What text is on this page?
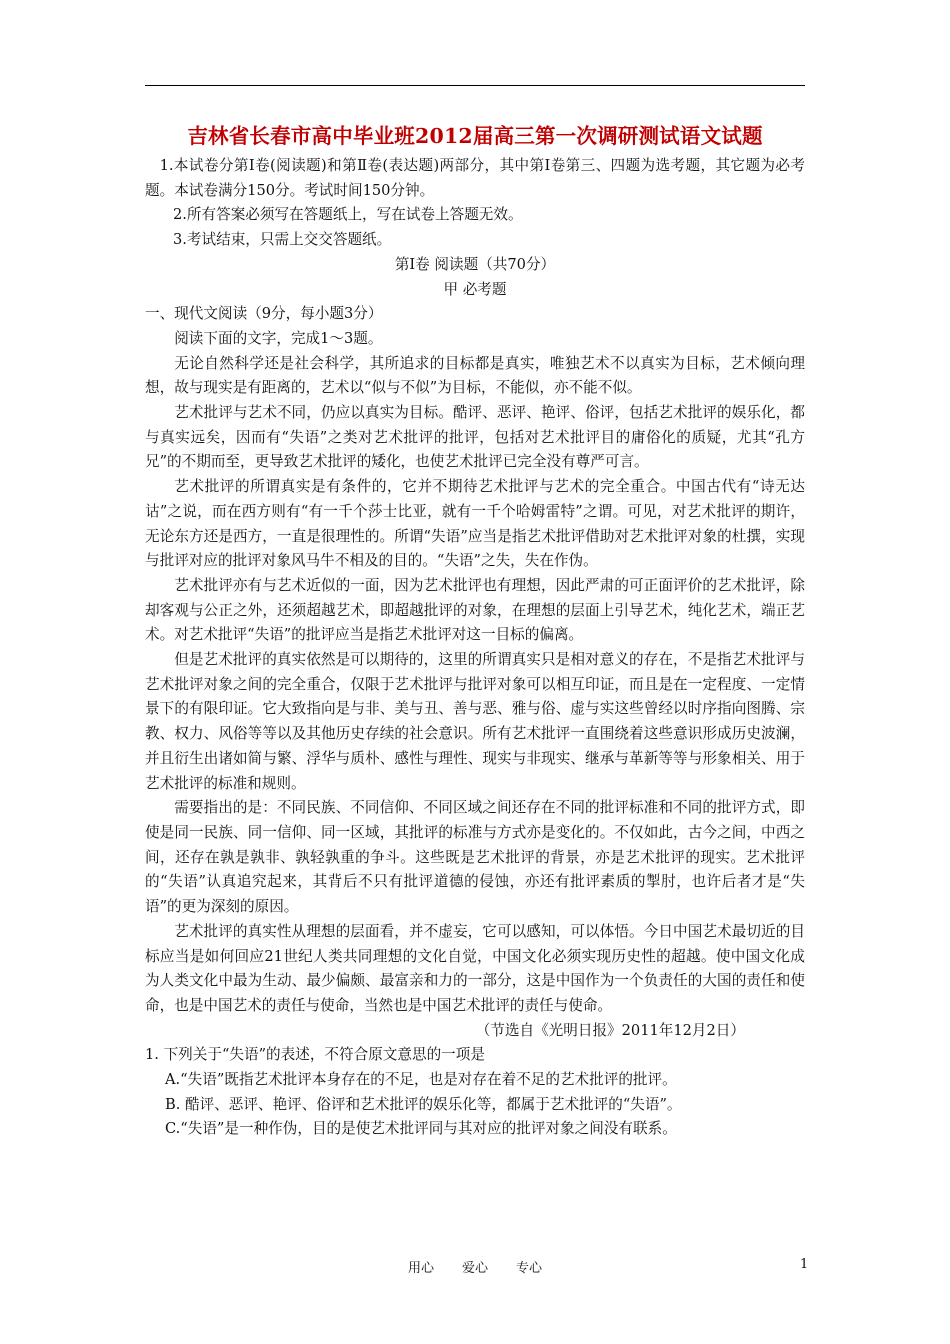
吉林省长春市高中毕业班2012届高三第一次调研测试语文试题

1.本试卷分第Ⅰ卷(阅读题)和第Ⅱ卷(表达题)两部分，其中第Ⅰ卷第三、四题为选考题，其它题为必考题。本试卷满分150分。考试时间150分钟。

2.所有答案必须写在答题纸上，写在试卷上答题无效。

3.考试结束，只需上交交答题纸。

第Ⅰ卷 阅读题（共70分）

甲 必考题

一、现代文阅读（9分，每小题3分）

阅读下面的文字，完成1～3题。

无论自然科学还是社会科学，其所追求的目标都是真实，唯独艺术不以真实为目标，艺术倾向理想，故与现实是有距离的，艺术以“似与不似”为目标，不能似，亦不能不似。

艺术批评与艺术不同，仍应以真实为目标。酷评、恶评、艳评、俗评，包括艺术批评的娱乐化，都与真实远矣，因而有“失语”之类对艺术批评的批评，包括对艺术批评目的庸俗化的质疑，尤其“孔方兄”的不期而至，更导致艺术批评的矮化，也使艺术批评已完全没有尊严可言。

艺术批评的所谓真实是有条件的，它并不期待艺术批评与艺术的完全重合。中国古代有“诗无达诂”之说，而在西方则有“有一千个莎士比亚，就有一千个哈姆雷特”之谓。可见，对艺术批评的期许，无论东方还是西方，一直是很理性的。所谓“失语”应当是指艺术批评借助对艺术批评对象的杜撰，实现与批评对应的批评对象风马牛不相及的目的。“失语”之失，失在作伪。

艺术批评亦有与艺术近似的一面，因为艺术批评也有理想，因此严肃的可正面评价的艺术批评，除却客观与公正之外，还须超越艺术，即超越批评的对象，在理想的层面上引导艺术，纯化艺术，端正艺术。对艺术批评“失语”的批评应当是指艺术批评对这一目标的偏离。

但是艺术批评的真实依然是可以期待的，这里的所谓真实只是相对意义的存在，不是指艺术批评与艺术批评对象之间的完全重合，仅限于艺术批评与批评对象可以相互印证，而且是在一定程度、一定情景下的有限印证。它大致指向是与非、美与丑、善与恶、雅与俗、虚与实这些曾经以时序指向图腾、宗教、权力、风俗等等以及其他历史存续的社会意识。所有艺术批评一直围绕着这些意识形成历史波澜，并且衍生出诸如简与繁、浮华与质朴、感性与理性、现实与非现实、继承与革新等等与形象相关、用于艺术批评的标准和规则。

需要指出的是：不同民族、不同信仰、不同区域之间还存在不同的批评标准和不同的批评方式，即使是同一民族、同一信仰、同一区域，其批评的标准与方式亦是变化的。不仅如此，古今之间，中西之间，还存在孰是孰非、孰轻孰重的争斗。这些既是艺术批评的背景，亦是艺术批评的现实。艺术批评的“失语”认真追究起来，其背后不只有批评道德的侵蚀，亦还有批评素质的掣肘，也许后者才是“失语”的更为深刻的原因。

艺术批评的真实性从理想的层面看，并不虚妄，它可以感知，可以体悟。今日中国艺术最切近的目标应当是如何回应21世纪人类共同理想的文化自觉，中国文化必须实现历史性的超越。使中国文化成为人类文化中最为生动、最少偏颇、最富亲和力的一部分，这是中国作为一个负责任的大国的责任和使命，也是中国艺术的责任与使命，当然也是中国艺术批评的责任与使命。

（节选自《光明日报》2011年12月2日）

1. 下列关于“失语”的表述，不符合原文意思的一项是

A.“失语”既指艺术批评本身存在的不足，也是对存在着不足的艺术批评的批评。

B. 酷评、恶评、艳评、俗评和艺术批评的娱乐化等，都属于艺术批评的“失语”。

C.“失语”是一种作伪，目的是使艺术批评同与其对应的批评对象之间没有联系。

用心 爱心 专心	1
